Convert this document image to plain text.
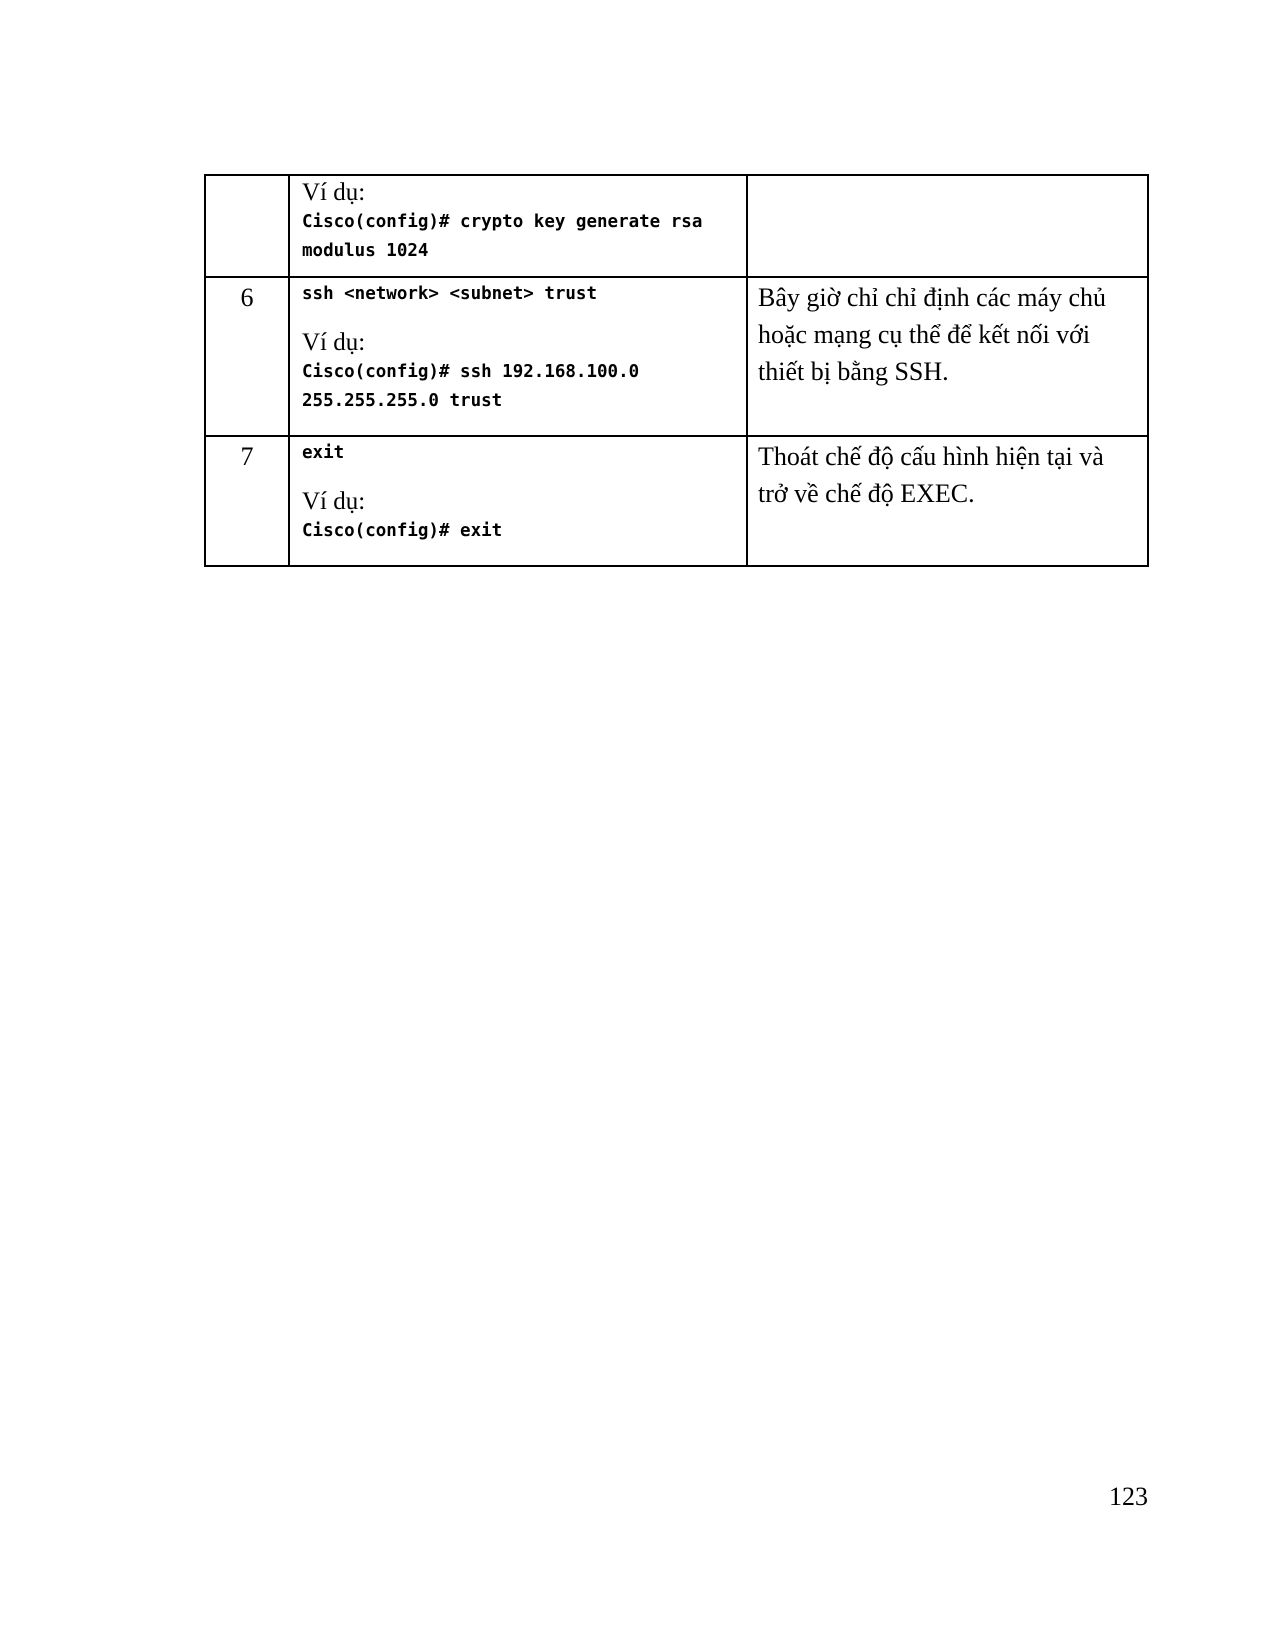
	Ví dụ:
Cisco(config)# crypto key generate rsa
modulus 1024	

6	ssh <network> <subnet> trust
Ví dụ:
Cisco(config)# ssh 192.168.100.0
255.255.255.0 trust	Bây giờ chỉ chỉ định các máy chủ hoặc mạng cụ thể để kết nối với thiết bị bằng SSH.
7	exit
Ví dụ:
Cisco(config)# exit	Thoát chế độ cấu hình hiện tại và trở về chế độ EXEC.
123
